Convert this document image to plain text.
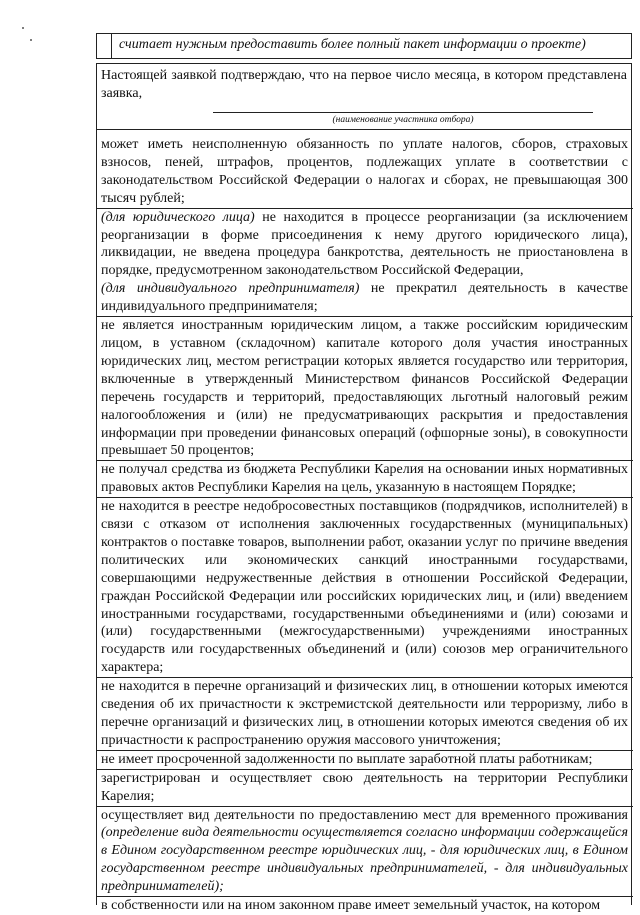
считает нужным предоставить более полный пакет информации о проекте)
Настоящей заявкой подтверждаю, что на первое число месяца, в котором представлена заявка,
(наименование участника отбора)

может иметь неисполненную обязанность по уплате налогов, сборов, страховых взносов, пеней, штрафов, процентов, подлежащих уплате в соответствии с законодательством Российской Федерации о налогах и сборах, не превышающая 300 тысяч рублей;

(для юридического лица) не находится в процессе реорганизации (за исключением реорганизации в форме присоединения к нему другого юридического лица), ликвидации, не введена процедура банкротства, деятельность не приостановлена в порядке, предусмотренном законодательством Российской Федерации,

(для индивидуального предпринимателя) не прекратил деятельность в качестве индивидуального предпринимателя;

не является иностранным юридическим лицом, а также российским юридическим лицом, в уставном (складочном) капитале которого доля участия иностранных юридических лиц, местом регистрации которых является государство или территория, включенные в утвержденный Министерством финансов Российской Федерации перечень государств и территорий, предоставляющих льготный налоговый режим налогообложения и (или) не предусматривающих раскрытия и предоставления информации при проведении финансовых операций (офшорные зоны), в совокупности превышает 50 процентов;

не получал средства из бюджета Республики Карелия на основании иных нормативных правовых актов Республики Карелия на цель, указанную в настоящем Порядке;

не находится в реестре недобросовестных поставщиков (подрядчиков, исполнителей) в связи с отказом от исполнения заключенных государственных (муниципальных) контрактов о поставке товаров, выполнении работ, оказании услуг по причине введения политических или экономических санкций иностранными государствами, совершающими недружественные действия в отношении Российской Федерации, граждан Российской Федерации или российских юридических лиц, и (или) введением иностранными государствами, государственными объединениями и (или) союзами и (или) государственными (межгосударственными) учреждениями иностранных государств или государственных объединений и (или) союзов мер ограничительного характера;

не находится в перечне организаций и физических лиц, в отношении которых имеются сведения об их причастности к экстремистской деятельности или терроризму, либо в перечне организаций и физических лиц, в отношении которых имеются сведения об их причастности к распространению оружия массового уничтожения;

не имеет просроченной задолженности по выплате заработной платы работникам;

зарегистрирован и осуществляет свою деятельность на территории Республики Карелия;

осуществляет вид деятельности по предоставлению мест для временного проживания (определение вида деятельности осуществляется согласно информации содержащейся в Едином государственном реестре юридических лиц, - для юридических лиц, в Едином государственном реестре индивидуальных предпринимателей, - для индивидуальных предпринимателей);

в собственности или на ином законном праве имеет земельный участок, на котором
